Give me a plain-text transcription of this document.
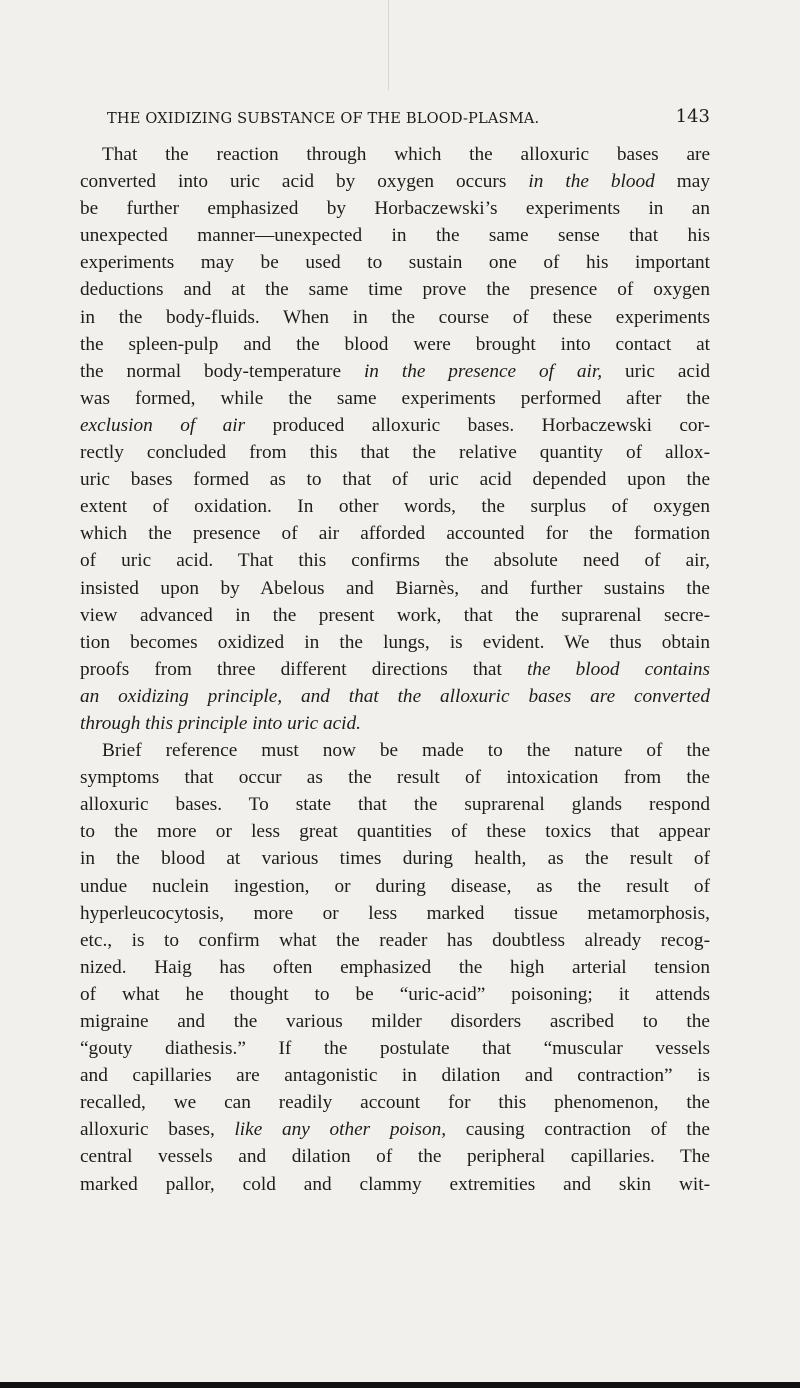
THE OXIDIZING SUBSTANCE OF THE BLOOD-PLASMA.	143
That the reaction through which the alloxuric bases are
converted into uric acid by oxygen occurs in the blood may
be further emphasized by Horbaczewski’s experiments in an
unexpected manner—unexpected in the same sense that his
experiments may be used to sustain one of his important
deductions and at the same time prove the presence of oxygen
in the body-fluids. When in the course of these experiments
the spleen-pulp and the blood were brought into contact at
the normal body-temperature in the presence of air, uric acid
was formed, while the same experiments performed after the
exclusion of air produced alloxuric bases. Horbaczewski cor-
rectly concluded from this that the relative quantity of allox-
uric bases formed as to that of uric acid depended upon the
extent of oxidation. In other words, the surplus of oxygen
which the presence of air afforded accounted for the formation
of uric acid. That this confirms the absolute need of air,
insisted upon by Abelous and Biarnès, and further sustains the
view advanced in the present work, that the suprarenal secre-
tion becomes oxidized in the lungs, is evident. We thus obtain
proofs from three different directions that the blood contains
an oxidizing principle, and that the alloxuric bases are converted
through this principle into uric acid.
Brief reference must now be made to the nature of the
symptoms that occur as the result of intoxication from the
alloxuric bases. To state that the suprarenal glands respond
to the more or less great quantities of these toxics that appear
in the blood at various times during health, as the result of
undue nuclein ingestion, or during disease, as the result of
hyperleucocytosis, more or less marked tissue metamorphosis,
etc., is to confirm what the reader has doubtless already recog-
nized. Haig has often emphasized the high arterial tension
of what he thought to be “uric-acid” poisoning; it attends
migraine and the various milder disorders ascribed to the
“gouty diathesis.” If the postulate that “muscular vessels
and capillaries are antagonistic in dilation and contraction” is
recalled, we can readily account for this phenomenon, the
alloxuric bases, like any other poison, causing contraction of the
central vessels and dilation of the peripheral capillaries. The
marked pallor, cold and clammy extremities and skin wit-
